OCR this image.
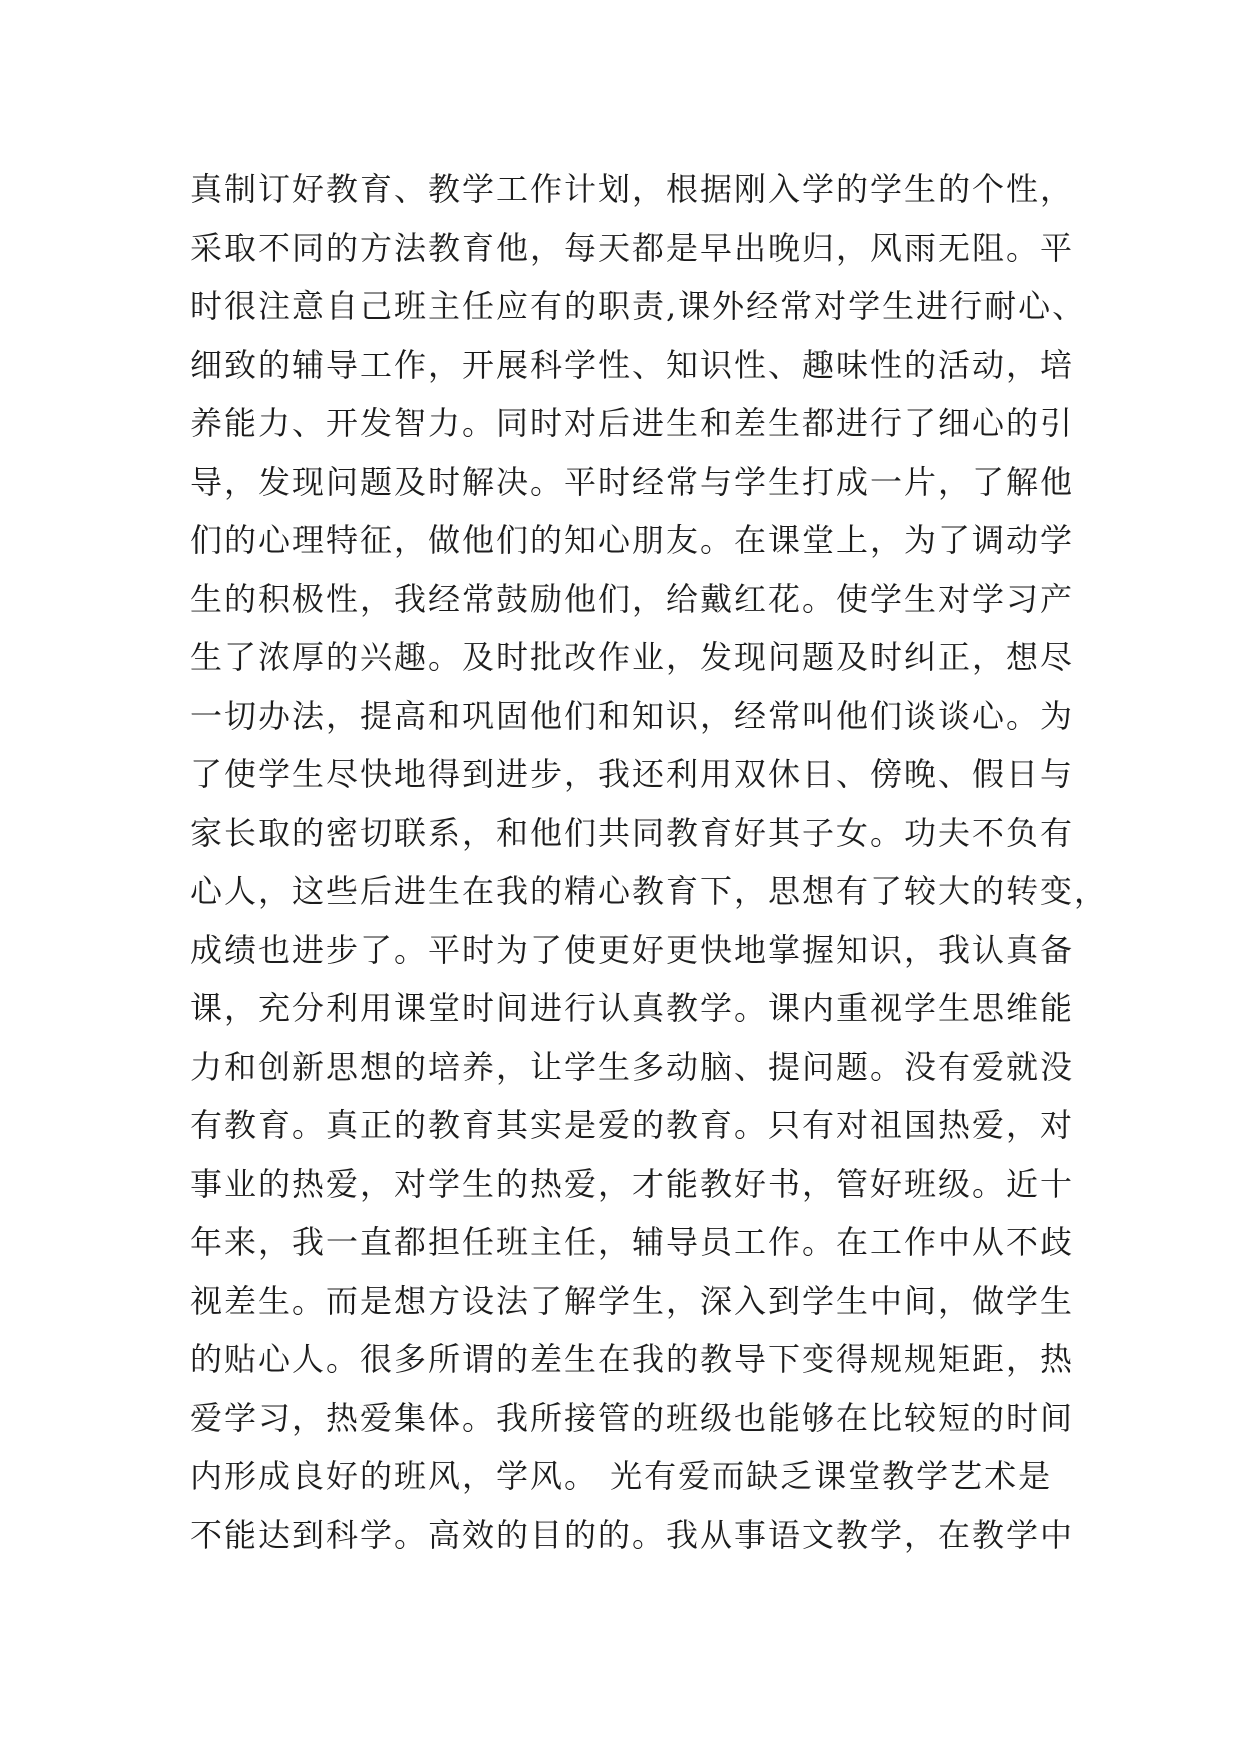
真制订好教育、教学工作计划，根据刚入学的学生的个性，
采取不同的方法教育他，每天都是早出晚归，风雨无阻。平
时很注意自己班主任应有的职责,课外经常对学生进行耐心、
细致的辅导工作，开展科学性、知识性、趣味性的活动，培
养能力、开发智力。同时对后进生和差生都进行了细心的引
导，发现问题及时解决。平时经常与学生打成一片，了解他
们的心理特征，做他们的知心朋友。在课堂上，为了调动学
生的积极性，我经常鼓励他们，给戴红花。使学生对学习产
生了浓厚的兴趣。及时批改作业，发现问题及时纠正，想尽
一切办法，提高和巩固他们和知识，经常叫他们谈谈心。为
了使学生尽快地得到进步，我还利用双休日、傍晚、假日与
家长取的密切联系，和他们共同教育好其子女。功夫不负有
心人，这些后进生在我的精心教育下，思想有了较大的转变，
成绩也进步了。平时为了使更好更快地掌握知识，我认真备
课，充分利用课堂时间进行认真教学。课内重视学生思维能
力和创新思想的培养，让学生多动脑、提问题。没有爱就没
有教育。真正的教育其实是爱的教育。只有对祖国热爱，对
事业的热爱，对学生的热爱，才能教好书，管好班级。近十
年来，我一直都担任班主任，辅导员工作。在工作中从不歧
视差生。而是想方设法了解学生，深入到学生中间，做学生
的贴心人。很多所谓的差生在我的教导下变得规规矩距，热
爱学习，热爱集体。我所接管的班级也能够在比较短的时间
内形成良好的班风，学风。 光有爱而缺乏课堂教学艺术是
不能达到科学。高效的目的的。我从事语文教学，在教学中
